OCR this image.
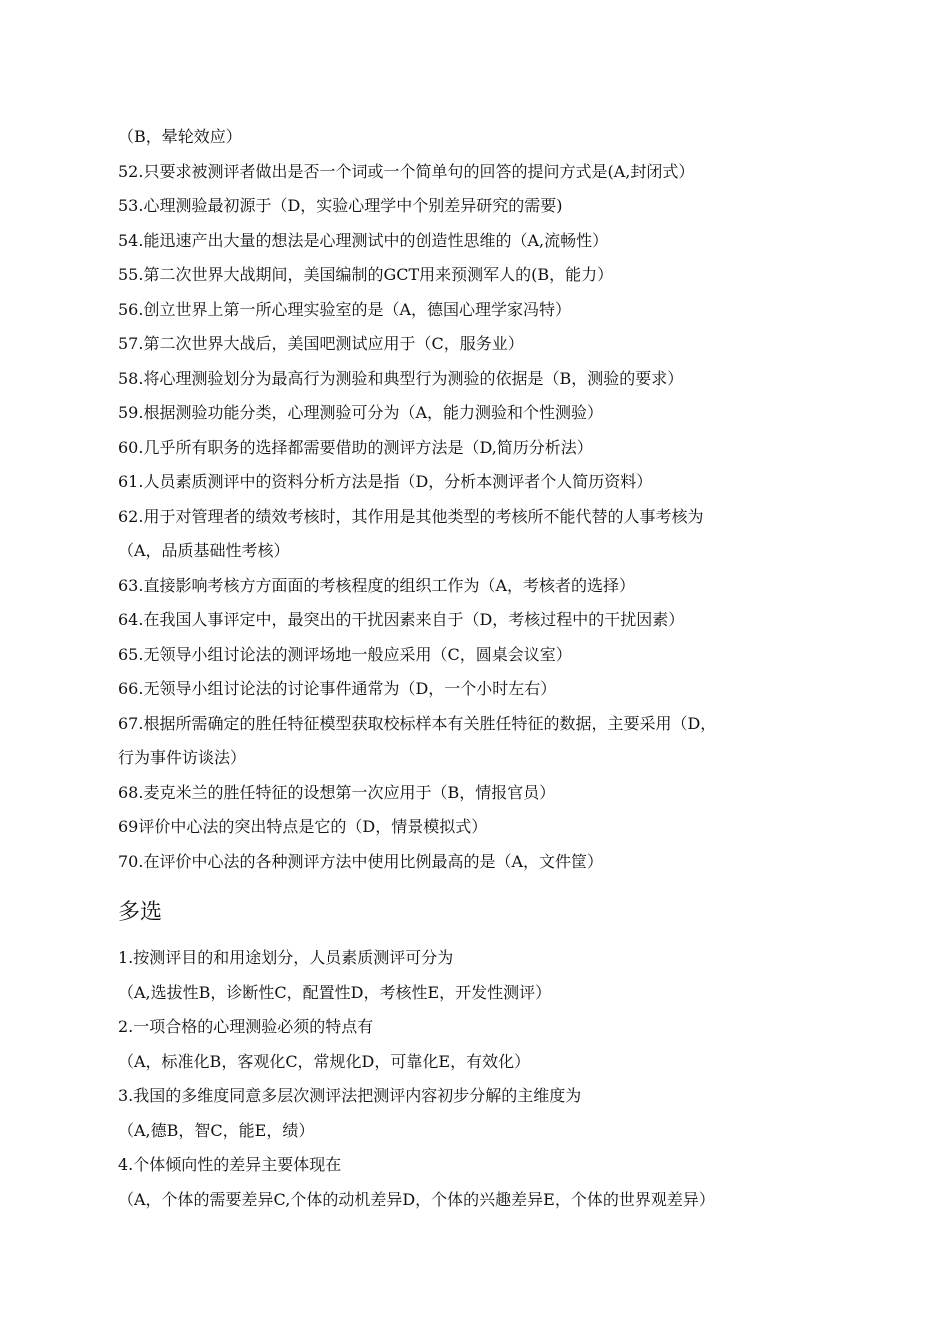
（B，晕轮效应）
52.只要求被测评者做出是否一个词或一个简单句的回答的提问方式是(A,封闭式）
53.心理测验最初源于（D，实验心理学中个别差异研究的需要)
54.能迅速产出大量的想法是心理测试中的创造性思维的（A,流畅性）
55.第二次世界大战期间，美国编制的GCT用来预测军人的(B，能力）
56.创立世界上第一所心理实验室的是（A，德国心理学家冯特）
57.第二次世界大战后，美国吧测试应用于（C，服务业）
58.将心理测验划分为最高行为测验和典型行为测验的依据是（B，测验的要求）
59.根据测验功能分类，心理测验可分为（A，能力测验和个性测验）
60.几乎所有职务的选择都需要借助的测评方法是（D,简历分析法）
61.人员素质测评中的资料分析方法是指（D，分析本测评者个人简历资料）
62.用于对管理者的绩效考核时，其作用是其他类型的考核所不能代替的人事考核为
（A，品质基础性考核）
63.直接影响考核方方面面的考核程度的组织工作为（A，考核者的选择）
64.在我国人事评定中，最突出的干扰因素来自于（D，考核过程中的干扰因素）
65.无领导小组讨论法的测评场地一般应采用（C，圆桌会议室）
66.无领导小组讨论法的讨论事件通常为（D，一个小时左右）
67.根据所需确定的胜任特征模型获取校标样本有关胜任特征的数据，主要采用（D，
行为事件访谈法）
68.麦克米兰的胜任特征的设想第一次应用于（B，情报官员）
69评价中心法的突出特点是它的（D，情景模拟式）
70.在评价中心法的各种测评方法中使用比例最高的是（A，文件筐）
多选
1.按测评目的和用途划分，人员素质测评可分为
（A,选拔性B，诊断性C，配置性D，考核性E，开发性测评）
2.一项合格的心理测验必须的特点有
（A，标准化B，客观化C，常规化D，可靠化E，有效化）
3.我国的多维度同意多层次测评法把测评内容初步分解的主维度为
（A,德B，智C，能E，绩）
4.个体倾向性的差异主要体现在
（A，个体的需要差异C,个体的动机差异D，个体的兴趣差异E，个体的世界观差异）
